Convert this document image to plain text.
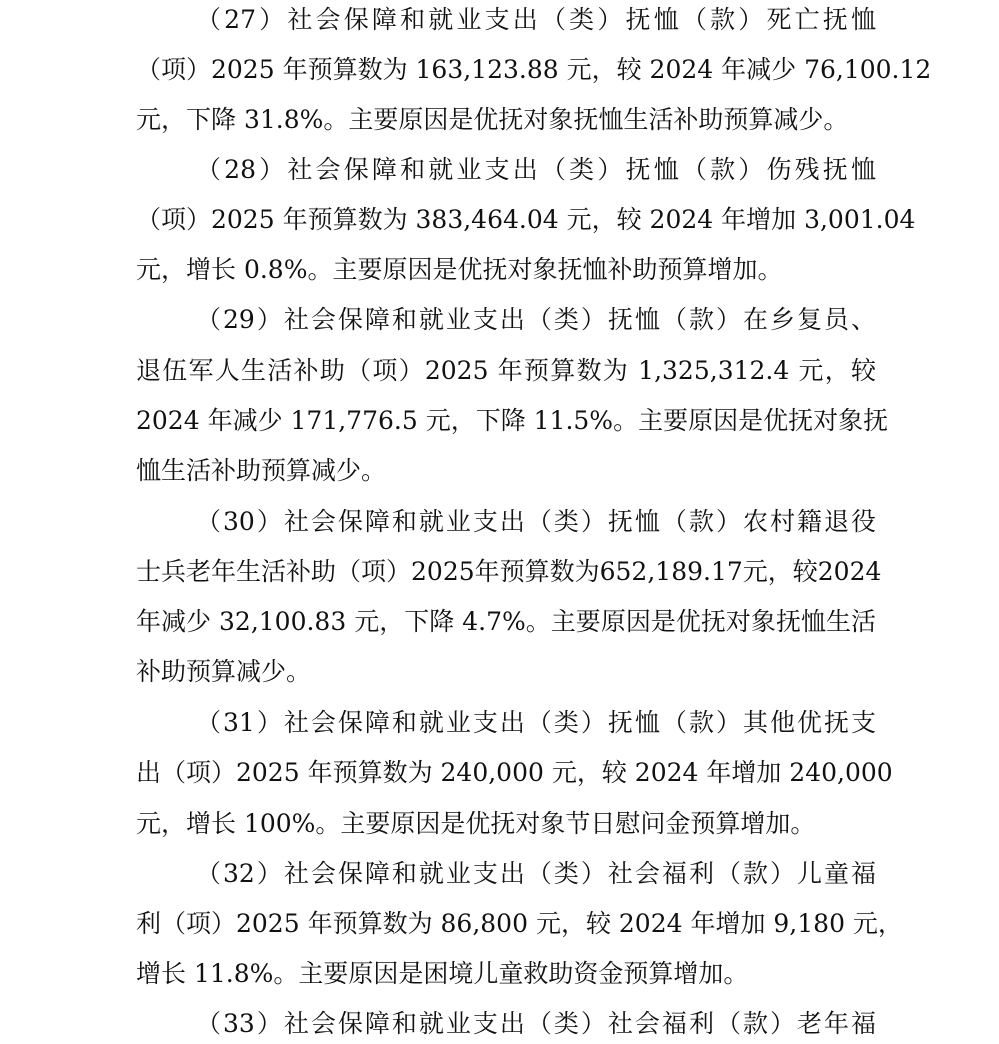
（27）社会保障和就业支出（类）抚恤（款）死亡抚恤
（项）2025 年预算数为 163,123.88 元，较 2024 年减少 76,100.12
元，下降 31.8%。主要原因是优抚对象抚恤生活补助预算减少。
（28）社会保障和就业支出（类）抚恤（款）伤残抚恤
（项）2025 年预算数为 383,464.04 元，较 2024 年增加 3,001.04
元，增长 0.8%。主要原因是优抚对象抚恤补助预算增加。
（29）社会保障和就业支出（类）抚恤（款）在乡复员、
退伍军人生活补助（项）2025 年预算数为 1,325,312.4 元，较
2024 年减少 171,776.5 元，下降 11.5%。主要原因是优抚对象抚
恤生活补助预算减少。
（30）社会保障和就业支出（类）抚恤（款）农村籍退役
士兵老年生活补助（项）2025年预算数为652,189.17元，较2024
年减少 32,100.83 元，下降 4.7%。主要原因是优抚对象抚恤生活
补助预算减少。
（31）社会保障和就业支出（类）抚恤（款）其他优抚支
出（项）2025 年预算数为 240,000 元，较 2024 年增加 240,000
元，增长 100%。主要原因是优抚对象节日慰问金预算增加。
（32）社会保障和就业支出（类）社会福利（款）儿童福
利（项）2025 年预算数为 86,800 元，较 2024 年增加 9,180 元，
增长 11.8%。主要原因是困境儿童救助资金预算增加。
（33）社会保障和就业支出（类）社会福利（款）老年福
